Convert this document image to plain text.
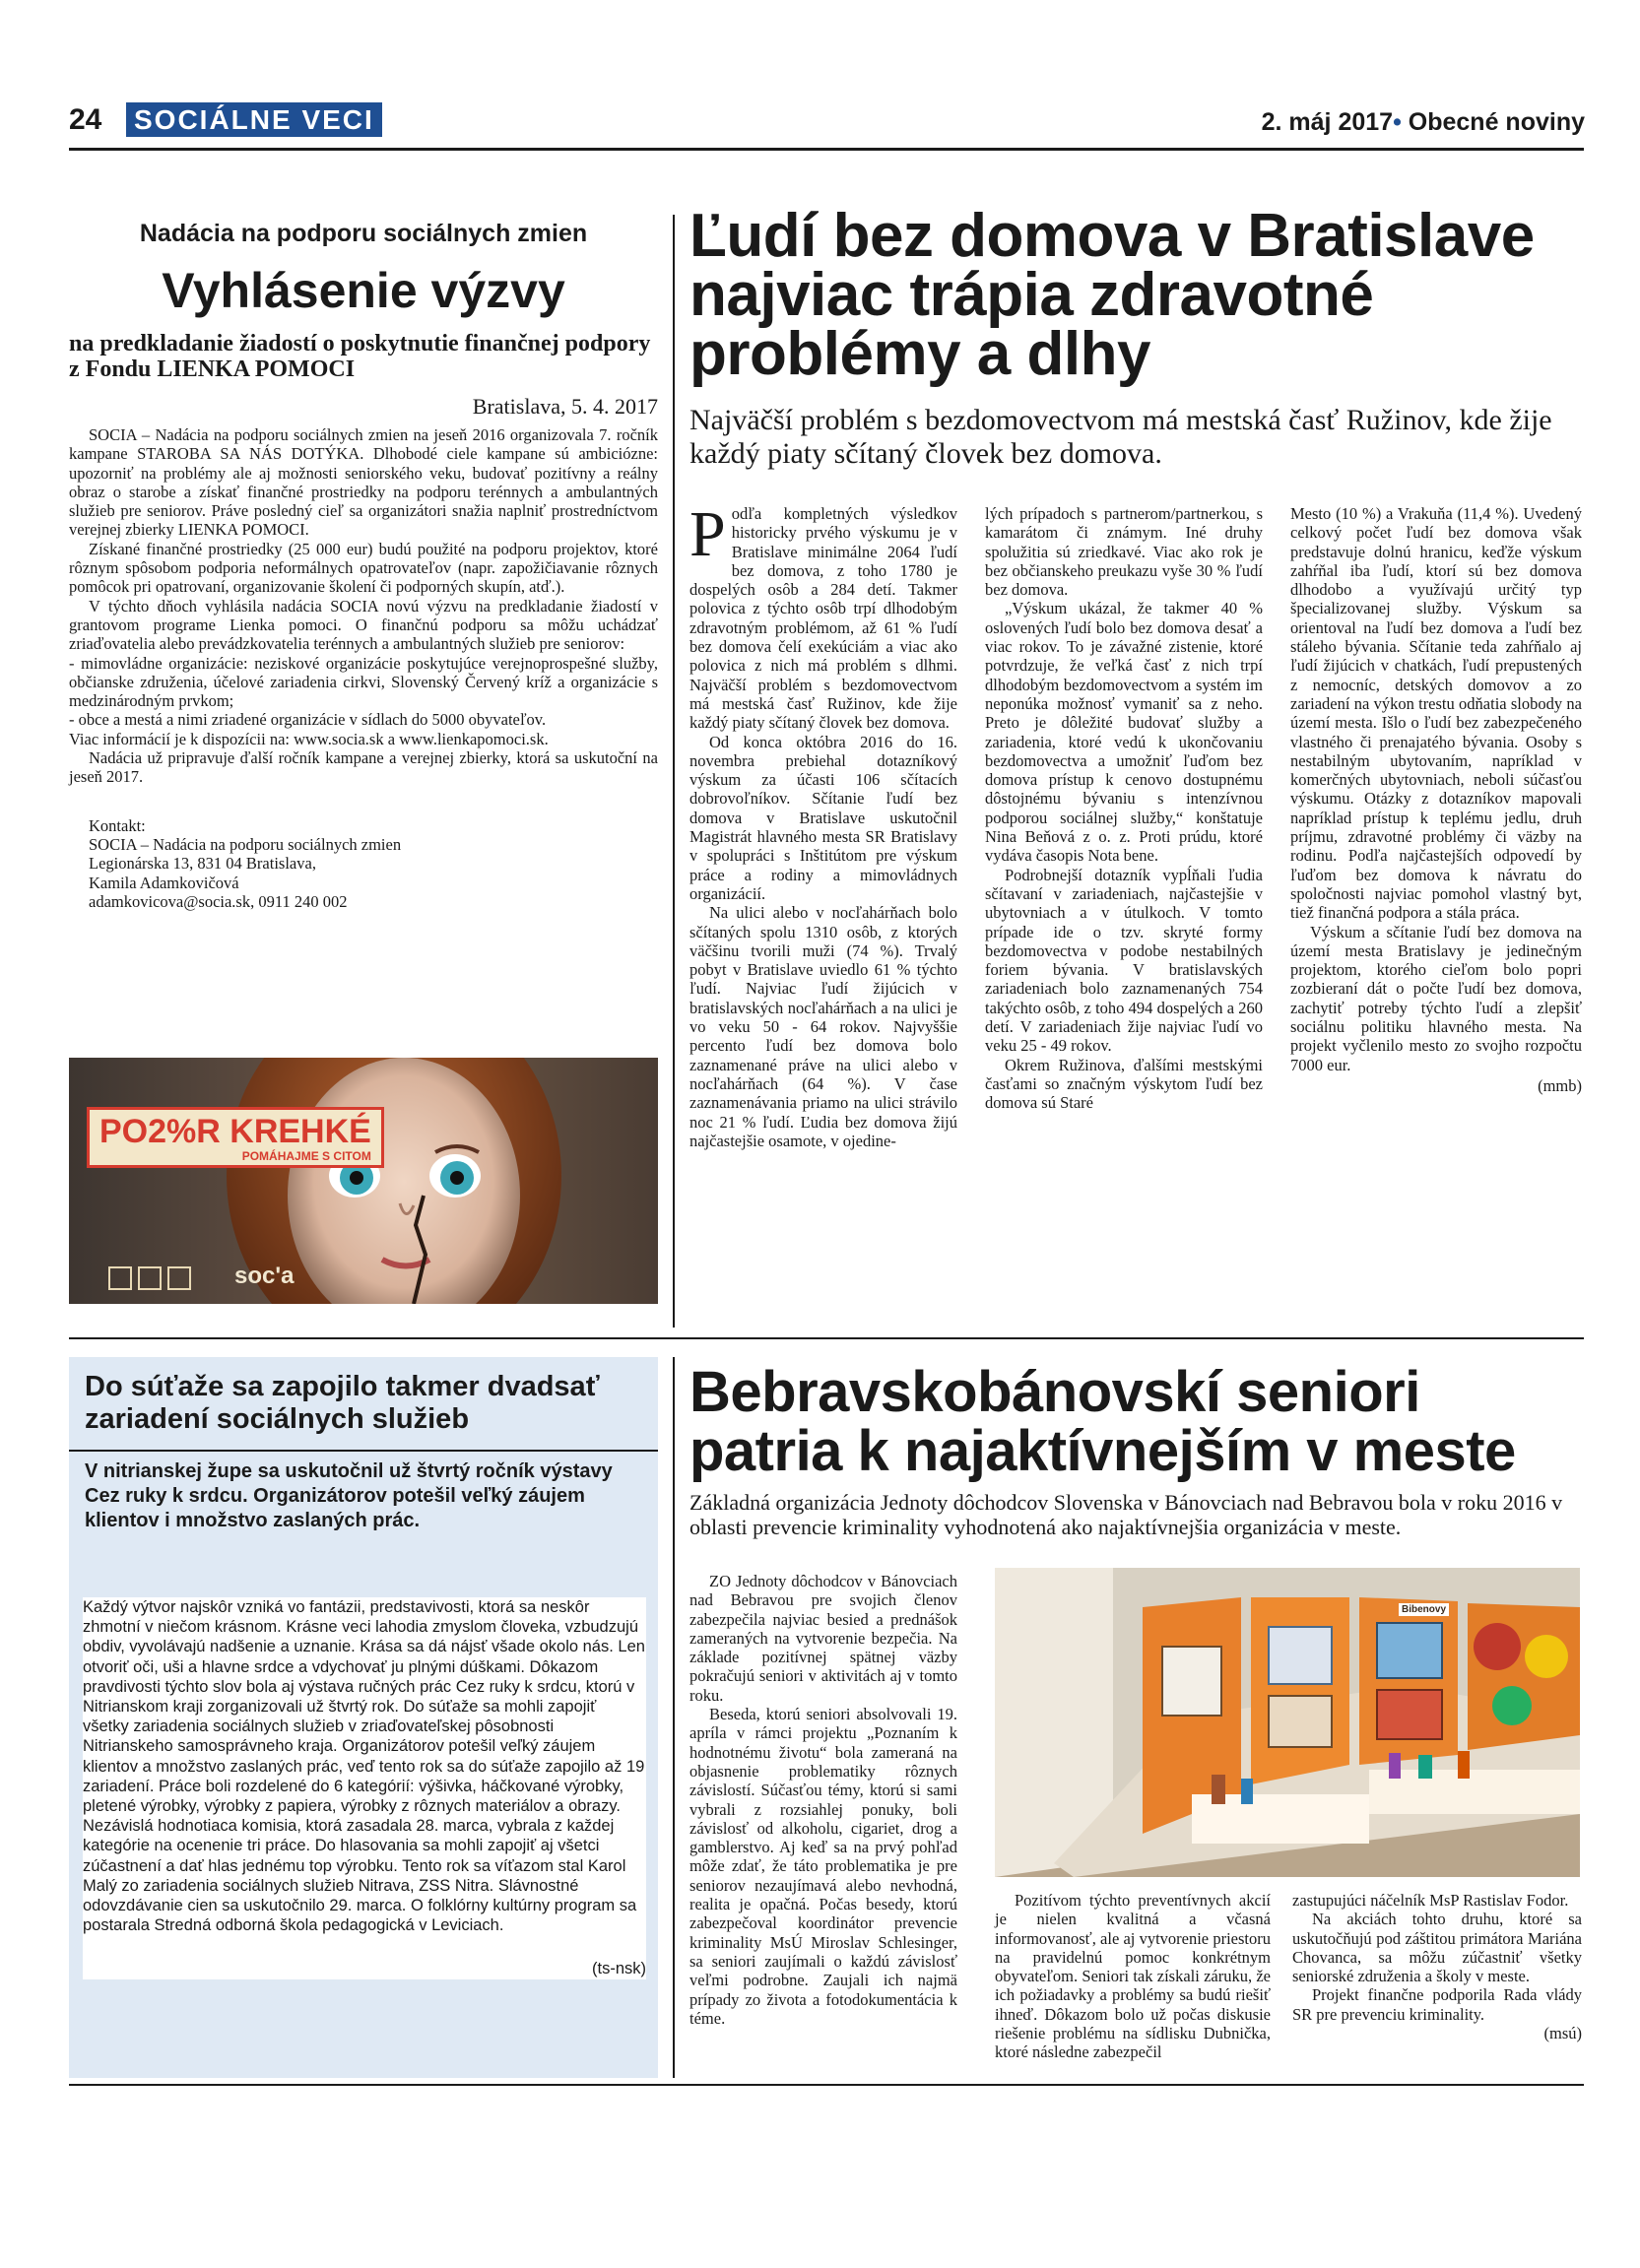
24 SOCIÁLNE VECI	2. máj 2017• Obecné noviny
Nadácia na podporu sociálnych zmien
Vyhlásenie výzvy
na predkladanie žiadostí o poskytnutie finančnej podpory z Fondu LIENKA POMOCI
Bratislava, 5. 4. 2017

SOCIA – Nadácia na podporu sociálnych zmien na jeseň 2016 organizovala 7. ročník kampane STAROBA SA NÁS DOTÝKA. Dlhobodé ciele kampane sú ambiciózne: upozorniť na problémy ale aj možnosti seniorského veku, budovať pozitívny a reálny obraz o starobe a získať finančné prostriedky na podporu terénnych a ambulantných služieb pre seniorov. Práve posledný cieľ sa organizátori snažia naplniť prostredníctvom verejnej zbierky LIENKA POMOCI.

Získané finančné prostriedky (25 000 eur) budú použité na podporu projektov, ktoré rôznym spôsobom podporia neformálnych opatrovateľov (napr. zapožičiavanie rôznych pomôcok pri opatrovaní, organizovanie školení či podporných skupín, atď.).

V týchto dňoch vyhlásila nadácia SOCIA novú výzvu na predkladanie žiadostí v grantovom programe Lienka pomoci. O finančnú podporu sa môžu uchádzať zriaďovatelia alebo prevádzkovatelia terénnych a ambulantných služieb pre seniorov:

- mimovládne organizácie: neziskové organizácie poskytujúce verejnoprospešné služby, občianske združenia, účelové zariadenia cirkvi, Slovenský Červený kríž a organizácie s medzinárodným prvkom;

- obce a mestá a nimi zriadené organizácie v sídlach do 5000 obyvateľov.

Viac informácií je k dispozícii na: www.socia.sk a www.lienkapomoci.sk.

Nadácia už pripravuje ďalší ročník kampane a verejnej zbierky, ktorá sa uskutoční na jeseň 2017.

Kontakt:
SOCIA – Nadácia na podporu sociálnych zmien
Legionárska 13, 831 04 Bratislava,
Kamila Adamkovičová
adamkovicova@socia.sk, 0911 240 002
PO2%R KREHKÉ
POMÁHAJME S CITOM
soc'a
Ľudí bez domova v Bratislave
najviac trápia zdravotné
problémy a dlhy
Najväčší problém s bezdomovectvom má mestská časť Ružinov, kde žije každý piaty sčítaný človek bez domova.
P odľa kompletných výsledkov historicky prvého výskumu je v Bratislave minimálne 2064 ľudí bez domova, z toho 1780 je dospelých osôb a 284 detí. Takmer polovica z týchto osôb trpí dlhodobým zdravotným problémom, až 61 % ľudí bez domova čelí exekúciám a viac ako polovica z nich má problém s dlhmi. Najväčší problém s bezdomovectvom má mestská časť Ružinov, kde žije každý piaty sčítaný človek bez domova.

Od konca októbra 2016 do 16. novembra prebiehal dotazníkový výskum za účasti 106 sčítacích dobrovoľníkov. Sčítanie ľudí bez domova v Bratislave uskutočnil Magistrát hlavného mesta SR Bratislavy v spolupráci s Inštitútom pre výskum práce a rodiny a mimovládnych organizácií.

Na ulici alebo v nocľahárňach bolo sčítaných spolu 1310 osôb, z ktorých väčšinu tvorili muži (74 %). Trvalý pobyt v Bratislave uviedlo 61 % týchto ľudí. Najviac ľudí žijúcich v bratislavských nocľahárňach a na ulici je vo veku 50 - 64 rokov. Najvyššie percento ľudí bez domova bolo zaznamenané práve na ulici alebo v nocľahárňach (64 %). V čase zaznamenávania priamo na ulici strávilo noc 21 % ľudí. Ľudia bez domova žijú najčastejšie osamote, v ojedine-

lých prípadoch s partnerom/partnerkou, s kamarátom či známym. Iné druhy spolužitia sú zriedkavé. Viac ako rok je bez občianskeho preukazu vyše 30 % ľudí bez domova.

„Výskum ukázal, že takmer 40 % oslovených ľudí bolo bez domova desať a viac rokov. To je závažné zistenie, ktoré potvrdzuje, že veľká časť z nich trpí dlhodobým bezdomovectvom a systém im neponúka možnosť vymaniť sa z neho. Preto je dôležité budovať služby a zariadenia, ktoré vedú k ukončovaniu bezdomovectva a umožniť ľuďom bez domova prístup k cenovo dostupnému dôstojnému bývaniu s intenzívnou podporou sociálnej služby,“ konštatuje Nina Beňová z o. z. Proti prúdu, ktoré vydáva časopis Nota bene.

Podrobnejší dotazník vypĺňali ľudia sčítavaní v zariadeniach, najčastejšie v ubytovniach a v útulkoch. V tomto prípade ide o tzv. skryté formy bezdomovectva v podobe nestabilných foriem bývania. V bratislavských zariadeniach bolo zaznamenaných 754 takýchto osôb, z toho 494 dospelých a 260 detí. V zariadeniach žije najviac ľudí vo veku 25 - 49 rokov.

Okrem Ružinova, ďalšími mestskými časťami so značným výskytom ľudí bez domova sú Staré

Mesto (10 %) a Vrakuňa (11,4 %). Uvedený celkový počet ľudí bez domova však predstavuje dolnú hranicu, keďže výskum zahŕňal iba ľudí, ktorí sú bez domova dlhodobo a využívajú určitý typ špecializovanej služby. Výskum sa orientoval na ľudí bez domova a ľudí bez stáleho bývania. Sčítanie teda zahŕňalo aj ľudí žijúcich v chatkách, ľudí prepustených z nemocníc, detských domovov a zo zariadení na výkon trestu odňatia slobody na území mesta. Išlo o ľudí bez zabezpečeného vlastného či prenajatého bývania. Osoby s nestabilným ubytovaním, napríklad v komerčných ubytovniach, neboli súčasťou výskumu. Otázky z dotazníkov mapovali napríklad prístup k teplému jedlu, druh príjmu, zdravotné problémy či väzby na rodinu. Podľa najčastejších odpovedí by ľuďom bez domova k návratu do spoločnosti najviac pomohol vlastný byt, tiež finančná podpora a stála práca.

Výskum a sčítanie ľudí bez domova na území mesta Bratislavy je jedinečným projektom, ktorého cieľom bolo popri zozbieraní dát o počte ľudí bez domova, zachytiť potreby týchto ľudí a zlepšiť sociálnu politiku hlavného mesta. Na projekt vyčlenilo mesto zo svojho rozpočtu 7000 eur.

(mmb)
Do súťaže sa zapojilo takmer dvadsať zariadení sociálnych služieb
V nitrianskej župe sa uskutočnil už štvrtý ročník výstavy Cez ruky k srdcu. Organizátorov potešil veľký záujem klientov i množstvo zaslaných prác.

Každý výtvor najskôr vzniká vo fantázii, predstavivosti, ktorá sa neskôr zhmotní v niečom krásnom. Krásne veci lahodia zmyslom človeka, vzbudzujú obdiv, vyvolávajú nadšenie a uznanie. Krása sa dá nájsť všade okolo nás. Len otvoriť oči, uši a hlavne srdce a vdychovať ju plnými dúškami. Dôkazom pravdivosti týchto slov bola aj výstava ručných prác Cez ruky k srdcu, ktorú v Nitrianskom kraji zorganizovali už štvrtý rok. Do súťaže sa mohli zapojiť všetky zariadenia sociálnych služieb v zriaďovateľskej pôsobnosti Nitrianskeho samosprávneho kraja. Organizátorov potešil veľký záujem klientov a množstvo zaslaných prác, veď tento rok sa do súťaže zapojilo až 19 zariadení. Práce boli rozdelené do 6 kategórií: výšivka, háčkované výrobky, pletené výrobky, výrobky z papiera, výrobky z rôznych materiálov a obrazy.

Nezávislá hodnotiaca komisia, ktorá zasadala 28. marca, vybrala z každej kategórie na ocenenie tri práce. Do hlasovania sa mohli zapojiť aj všetci zúčastnení a dať hlas jednému top výrobku. Tento rok sa víťazom stal Karol Malý zo zariadenia sociálnych služieb Nitrava, ZSS Nitra. Slávnostné odovzdávanie cien sa uskutočnilo 29. marca. O folklórny kultúrny program sa postarala Stredná odborná škola pedagogická v Leviciach.

(ts-nsk)
Bebravskobánovskí seniori
patria k najaktívnejším v meste
Základná organizácia Jednoty dôchodcov Slovenska v Bánovciach nad Bebravou bola v roku 2016 v oblasti prevencie kriminality vyhodnotená ako najaktívnejšia organizácia v meste.

ZO Jednoty dôchodcov v Bánovciach nad Bebravou pre svojich členov zabezpečila najviac besied a prednášok zameraných na vytvorenie bezpečia. Na základe pozitívnej spätnej väzby pokračujú seniori v aktivitách aj v tomto roku.

Beseda, ktorú seniori absolvovali 19. apríla v rámci projektu „Poznaním k hodnotnému životu“ bola zameraná na objasnenie problematiky rôznych závislostí. Súčasťou témy, ktorú si sami vybrali z rozsiahlej ponuky, boli závislosť od alkoholu, cigariet, drog a gamblerstvo. Aj keď sa na prvý pohľad môže zdať, že táto problematika je pre seniorov nezaujímavá alebo nevhodná, realita je opačná. Počas besedy, ktorú zabezpečoval koordinátor prevencie kriminality MsÚ Miroslav Schlesinger, sa seniori zaujímali o každú závislosť veľmi podrobne. Zaujali ich najmä prípady zo života a fotodokumentácia k téme.

Bibenovy

Pozitívom týchto preventívnych akcií je nielen kvalitná a včasná informovanosť, ale aj vytvorenie priestoru na pravidelnú pomoc konkrétnym obyvateľom. Seniori tak získali záruku, že ich požiadavky a problémy sa budú riešiť ihneď. Dôkazom bolo už počas diskusie riešenie problému na sídlisku Dubnička, ktoré následne zabezpečil

zastupujúci náčelník MsP Rastislav Fodor.

Na akciách tohto druhu, ktoré sa uskutočňujú pod záštitou primátora Mariána Chovanca, sa môžu zúčastniť všetky seniorské združenia a školy v meste.

Projekt finančne podporila Rada vlády SR pre prevenciu kriminality.

(msú)
